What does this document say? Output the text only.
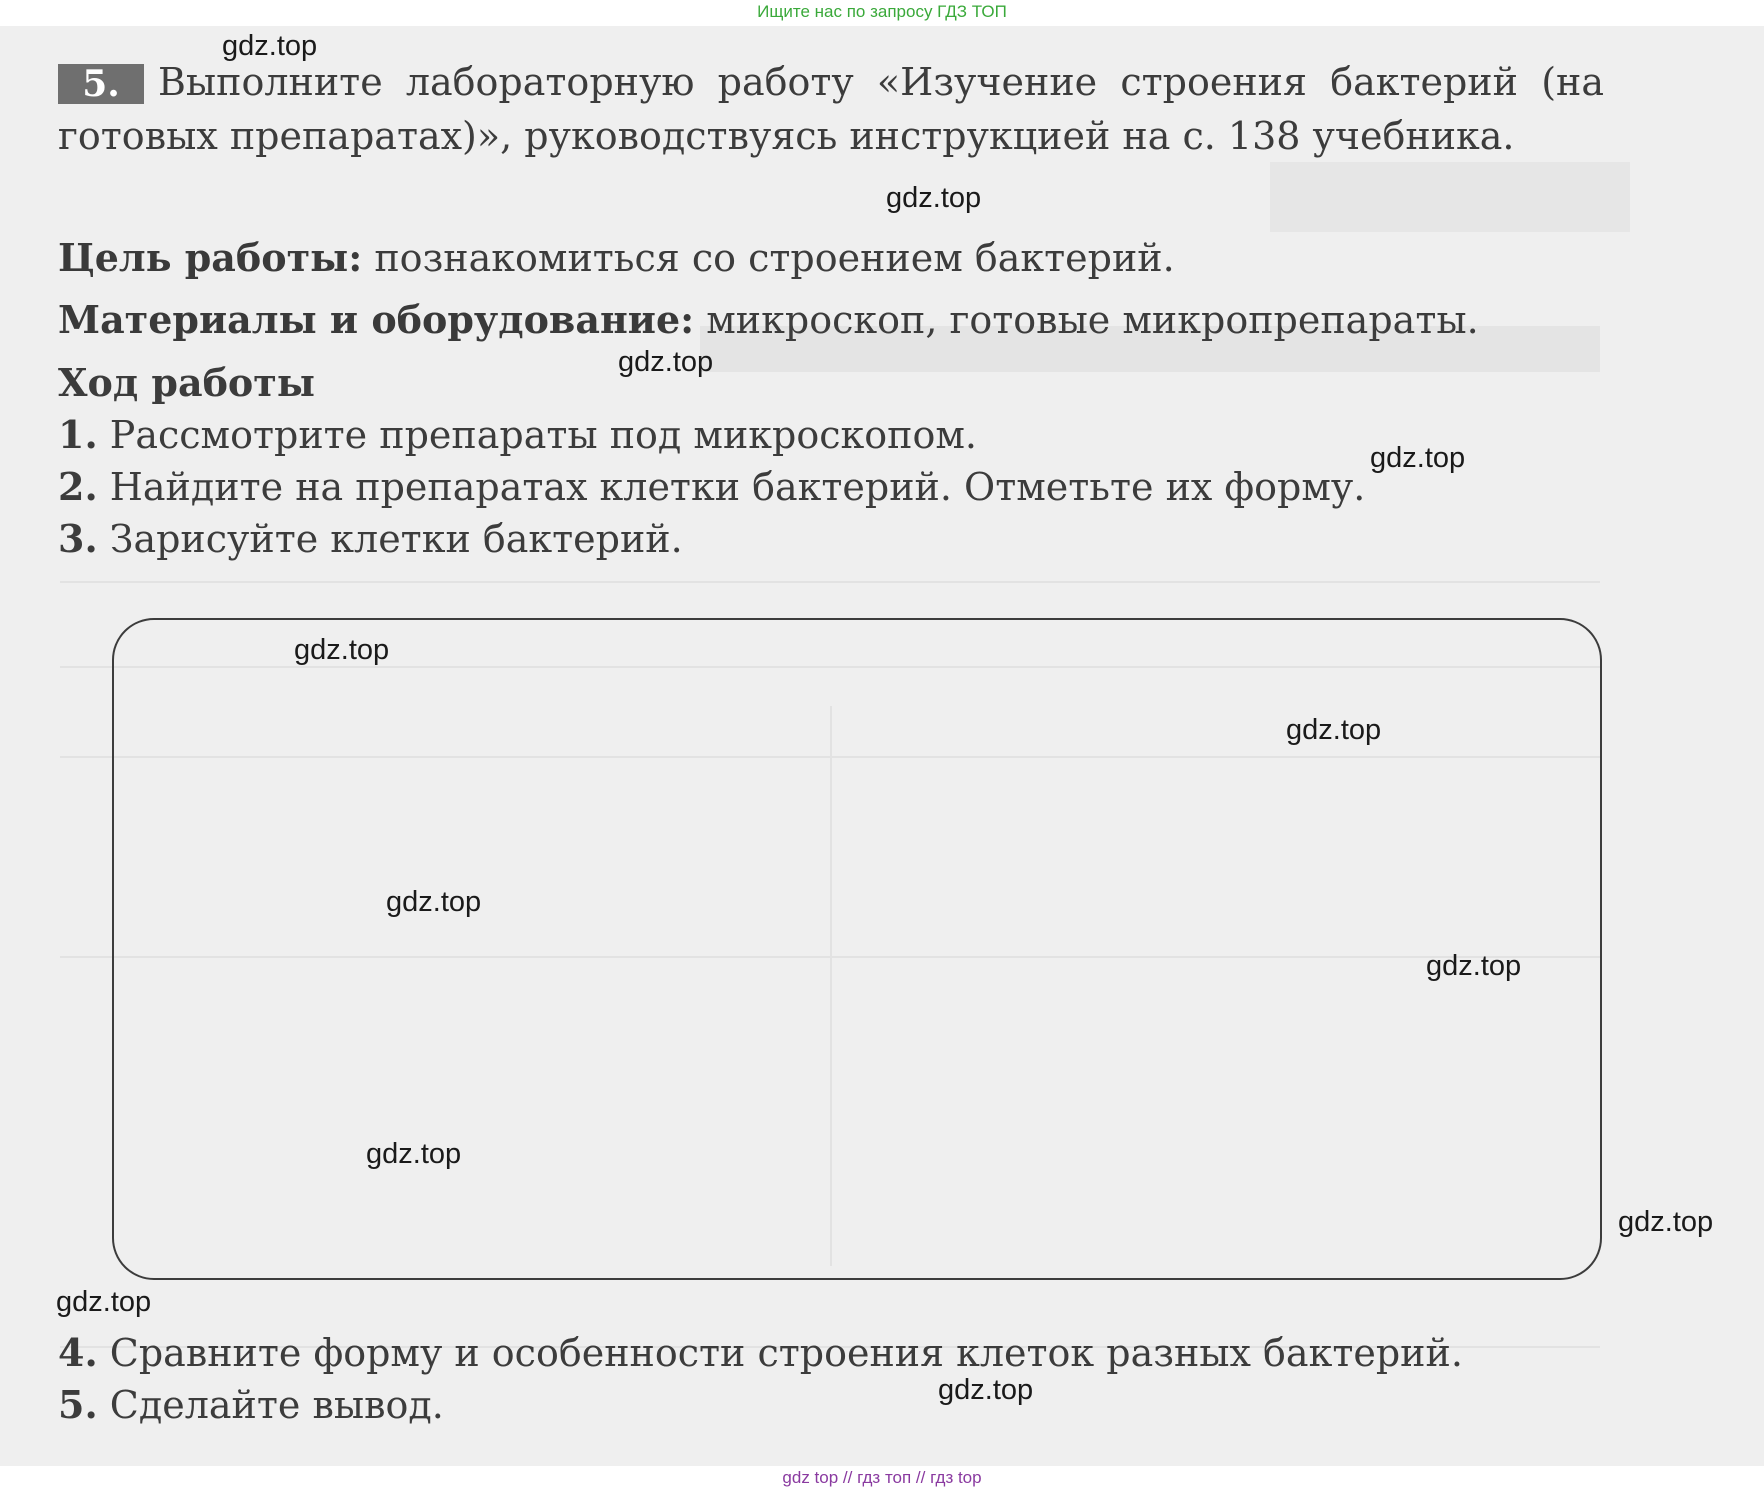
Ищите нас по запросу ГДЗ ТОП
5.	Выполните лабораторную работу «Изучение строения бактерий (на готовых препаратах)», руководствуясь инструкцией на с. 138 учебника.
Цель работы: познакомиться со строением бактерий.
Материалы и оборудование: микроскоп, готовые микропрепараты.
Ход работы
1. Рассмотрите препараты под микроскопом.
2. Найдите на препаратах клетки бактерий. Отметьте их форму.
3. Зарисуйте клетки бактерий.
4. Сравните форму и особенности строения клеток разных бактерий.
5. Сделайте вывод.
gdz.top
gdz.top
gdz.top
gdz.top
gdz.top
gdz.top
gdz.top
gdz.top
gdz.top
gdz.top
gdz.top
gdz.top
gdz top // гдз топ // гдз top
